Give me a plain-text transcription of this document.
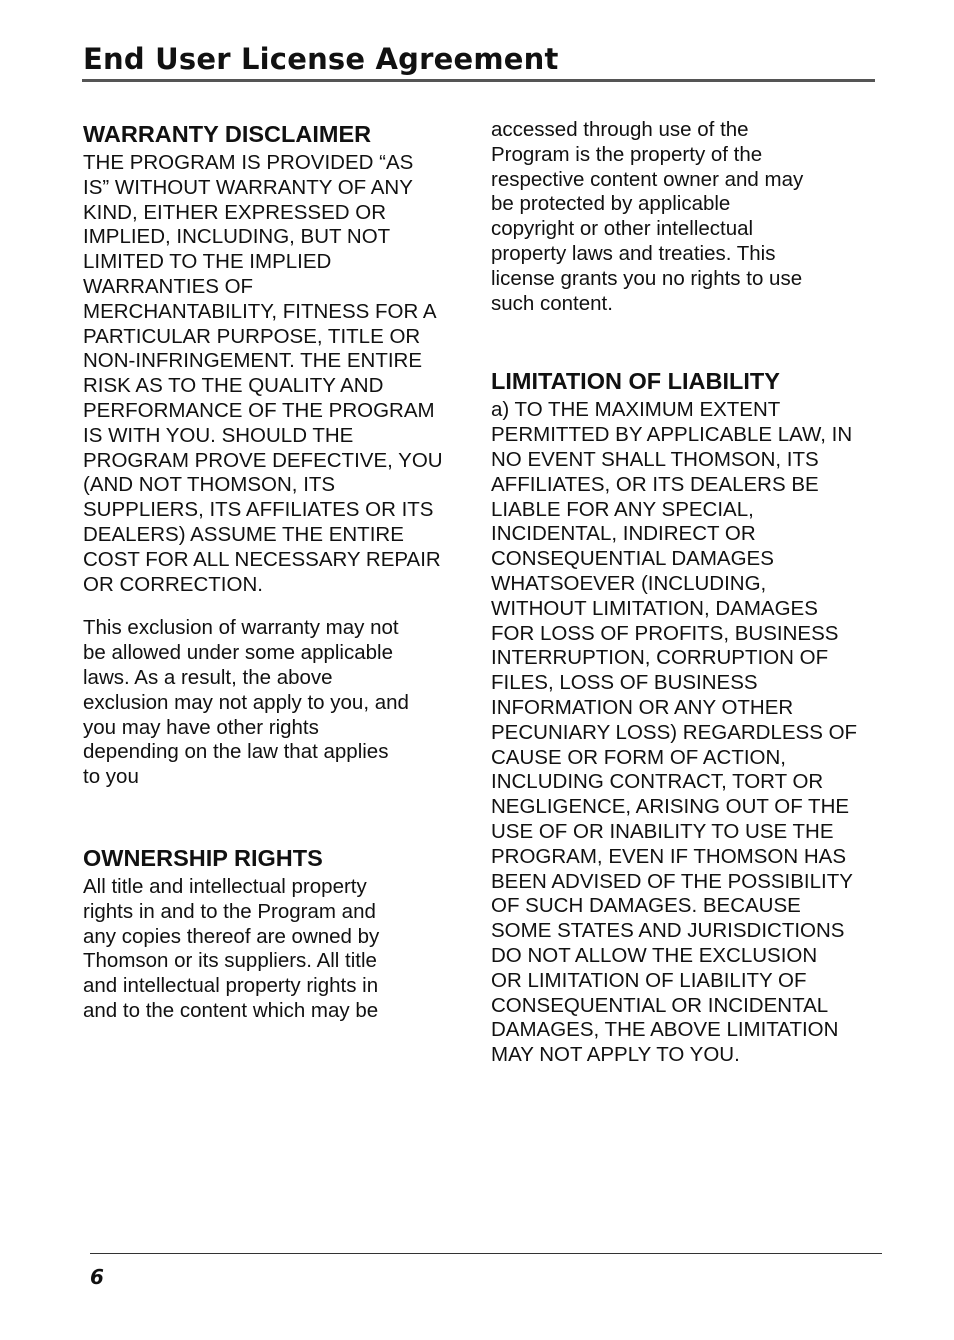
End User License Agreement
WARRANTY DISCLAIMER

THE PROGRAM IS PROVIDED “AS
IS” WITHOUT WARRANTY OF ANY
KIND, EITHER EXPRESSED OR
IMPLIED, INCLUDING, BUT NOT
LIMITED TO THE IMPLIED
WARRANTIES OF
MERCHANTABILITY, FITNESS FOR A
PARTICULAR PURPOSE, TITLE OR
NON-INFRINGEMENT. THE ENTIRE
RISK AS TO THE QUALITY AND
PERFORMANCE OF THE PROGRAM
IS WITH YOU. SHOULD THE
PROGRAM PROVE DEFECTIVE, YOU
(AND NOT THOMSON, ITS
SUPPLIERS, ITS AFFILIATES OR ITS
DEALERS) ASSUME THE ENTIRE
COST FOR ALL NECESSARY REPAIR
OR CORRECTION.

This exclusion of warranty may not
be allowed under some applicable
laws. As a result, the above
exclusion may not apply to you, and
you may have other rights
depending on the law that applies
to you

OWNERSHIP RIGHTS

All title and intellectual property
rights in and to the Program and
any copies thereof are owned by
Thomson or its suppliers. All title
and intellectual property rights in
and to the content which may be

accessed through use of the
Program is the property of the
respective content owner and may
be protected by applicable
copyright or other intellectual
property laws and treaties. This
license grants you no rights to use
such content.

LIMITATION OF LIABILITY

a) TO THE MAXIMUM EXTENT
PERMITTED BY APPLICABLE LAW, IN
NO EVENT SHALL THOMSON, ITS
AFFILIATES, OR ITS DEALERS BE
LIABLE FOR ANY SPECIAL,
INCIDENTAL, INDIRECT OR
CONSEQUENTIAL DAMAGES
WHATSOEVER (INCLUDING,
WITHOUT LIMITATION, DAMAGES
FOR LOSS OF PROFITS, BUSINESS
INTERRUPTION, CORRUPTION OF
FILES, LOSS OF BUSINESS
INFORMATION OR ANY OTHER
PECUNIARY LOSS) REGARDLESS OF
CAUSE OR FORM OF ACTION,
INCLUDING CONTRACT, TORT OR
NEGLIGENCE, ARISING OUT OF THE
USE OF OR INABILITY TO USE THE
PROGRAM, EVEN IF THOMSON HAS
BEEN ADVISED OF THE POSSIBILITY
OF SUCH DAMAGES. BECAUSE
SOME STATES AND JURISDICTIONS
DO NOT ALLOW THE EXCLUSION
OR LIMITATION OF LIABILITY OF
CONSEQUENTIAL OR INCIDENTAL
DAMAGES, THE ABOVE LIMITATION
MAY NOT APPLY TO YOU.

6
